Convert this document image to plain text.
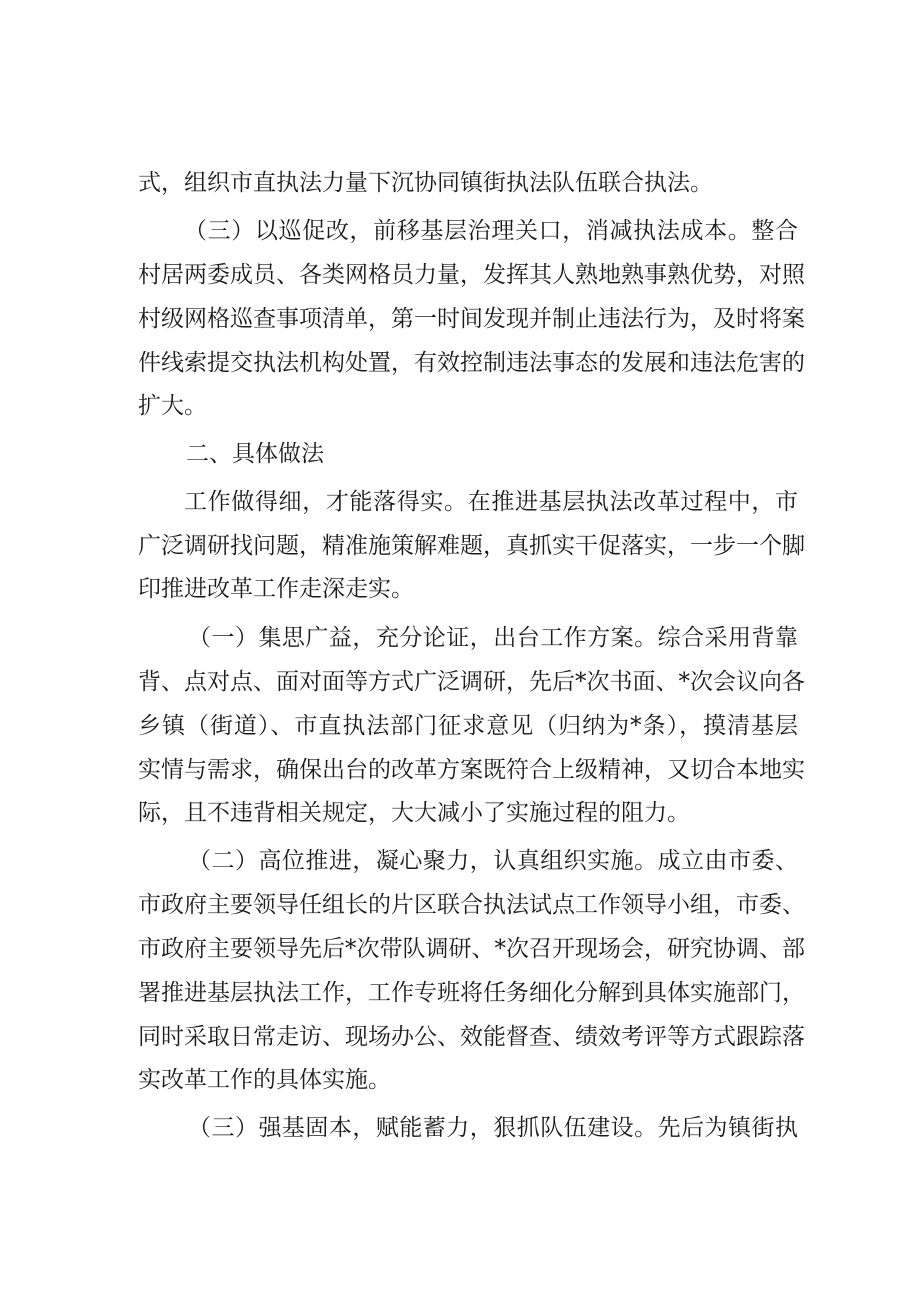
式，组织市直执法力量下沉协同镇街执法队伍联合执法。
（三）以巡促改，前移基层治理关口，消减执法成本。整合
村居两委成员、各类网格员力量，发挥其人熟地熟事熟优势，对照
村级网格巡查事项清单，第一时间发现并制止违法行为，及时将案
件线索提交执法机构处置，有效控制违法事态的发展和违法危害的
扩大。
二、具体做法
工作做得细，才能落得实。在推进基层执法改革过程中，市
广泛调研找问题，精准施策解难题，真抓实干促落实，一步一个脚
印推进改革工作走深走实。
（一）集思广益，充分论证，出台工作方案。综合采用背靠
背、点对点、面对面等方式广泛调研，先后*次书面、*次会议向各
乡镇（街道）、市直执法部门征求意见（归纳为*条），摸清基层
实情与需求，确保出台的改革方案既符合上级精神，又切合本地实
际，且不违背相关规定，大大减小了实施过程的阻力。
（二）高位推进，凝心聚力，认真组织实施。成立由市委、
市政府主要领导任组长的片区联合执法试点工作领导小组，市委、
市政府主要领导先后*次带队调研、*次召开现场会，研究协调、部
署推进基层执法工作，工作专班将任务细化分解到具体实施部门，
同时采取日常走访、现场办公、效能督查、绩效考评等方式跟踪落
实改革工作的具体实施。
（三）强基固本，赋能蓄力，狠抓队伍建设。先后为镇街执
